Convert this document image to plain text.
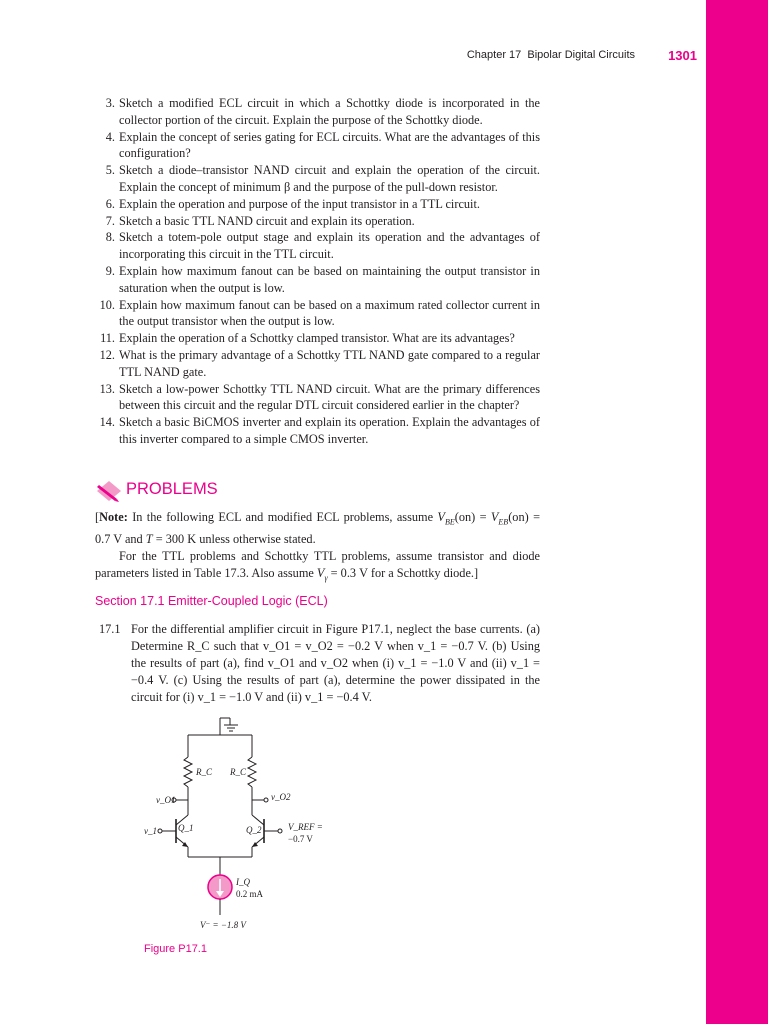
Chapter 17 Bipolar Digital Circuits	1301
3. Sketch a modified ECL circuit in which a Schottky diode is incorporated in the collector portion of the circuit. Explain the purpose of the Schottky diode.
4. Explain the concept of series gating for ECL circuits. What are the advantages of this configuration?
5. Sketch a diode–transistor NAND circuit and explain the operation of the circuit. Explain the concept of minimum β and the purpose of the pull-down resistor.
6. Explain the operation and purpose of the input transistor in a TTL circuit.
7. Sketch a basic TTL NAND circuit and explain its operation.
8. Sketch a totem-pole output stage and explain its operation and the advantages of incorporating this circuit in the TTL circuit.
9. Explain how maximum fanout can be based on maintaining the output transistor in saturation when the output is low.
10. Explain how maximum fanout can be based on a maximum rated collector current in the output transistor when the output is low.
11. Explain the operation of a Schottky clamped transistor. What are its advantages?
12. What is the primary advantage of a Schottky TTL NAND gate compared to a regular TTL NAND gate.
13. Sketch a low-power Schottky TTL NAND circuit. What are the primary differences between this circuit and the regular DTL circuit considered earlier in the chapter?
14. Sketch a basic BiCMOS inverter and explain its operation. Explain the advantages of this inverter compared to a simple CMOS inverter.
PROBLEMS

[Note: In the following ECL and modified ECL problems, assume $V_{BE}(on) = V_{EB}(on) = 0.7$ V and T = 300 K unless otherwise stated.

For the TTL problems and Schottky TTL problems, assume transistor and diode parameters listed in Table 17.3. Also assume $V_\gamma = 0.3$ V for a Schottky diode.]

Section 17.1 Emitter-Coupled Logic (ECL)
17.1 For the differential amplifier circuit in Figure P17.1, neglect the base currents. (a) Determine R_C such that v_O1 = v_O2 = −0.2 V when v_1 = −0.7 V. (b) Using the results of part (a), find v_O1 and v_O2 when (i) v_1 = −1.0 V and (ii) v_1 = −0.4 V. (c) Using the results of part (a), determine the power dissipated in the circuit for (i) v_1 = −1.0 V and (ii) v_1 = −0.4 V.
R_C R_C
v_O1	v_O2
v_1 Q_1	Q_2	V_REF =
−0.7 V
I_Q
0.2 mA
V⁻ = −1.8 V
Figure P17.1
